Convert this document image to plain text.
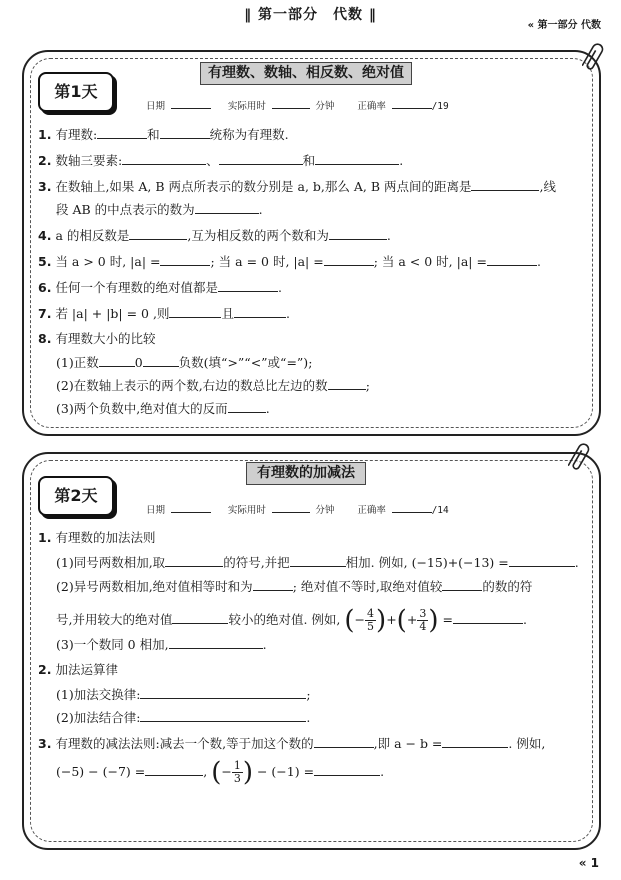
‖ 第一部分　代数 ‖
« 第一部分 代数
第1天
有理数、数轴、相反数、绝对值
日期	实际用时	分钟 正确率	/19
1. 有理数:	和	统称为有理数.
2. 数轴三要素:	、	和	.
3. 在数轴上,如果 A, B 两点所表示的数分别是 a, b,那么 A, B 两点间的距离是	,线
段 AB 的中点表示的数为	.
4. a 的相反数是	,互为相反数的两个数和为	.
5. 当 a > 0 时, |a| =	; 当 a = 0 时, |a| =	; 当 a < 0 时, |a| =	.
6. 任何一个有理数的绝对值都是	.
7. 若 |a| + |b| = 0 ,则	且	.
8. 有理数大小的比较
(1)正数	0	负数(填“>”“<”或“=”);
(2)在数轴上表示的两个数,右边的数总比左边的数	;
(3)两个负数中,绝对值大的反而	.
第2天
有理数的加减法
日期	实际用时	分钟 正确率	/14
1. 有理数的加法法则
(1)同号两数相加,取	的符号,并把	相加. 例如, (−15)+(−13) =	.
(2)异号两数相加,绝对值相等时和为	; 绝对值不等时,取绝对值较	的数的符
号,并用较大的绝对值	较小的绝对值. 例如, (− $\frac{4}{5}$ )+(+ $\frac{3}{4}$ ) =	.
(3)一个数同 0 相加,	.
2. 加法运算律
(1)加法交换律:	;
(2)加法结合律:	.
3. 有理数的减法法则:减去一个数,等于加这个数的	,即 a − b =	. 例如,
(−5) − (−7) =	, (− $\frac{1}{3}$ ) − (−1) =	.
« 1
